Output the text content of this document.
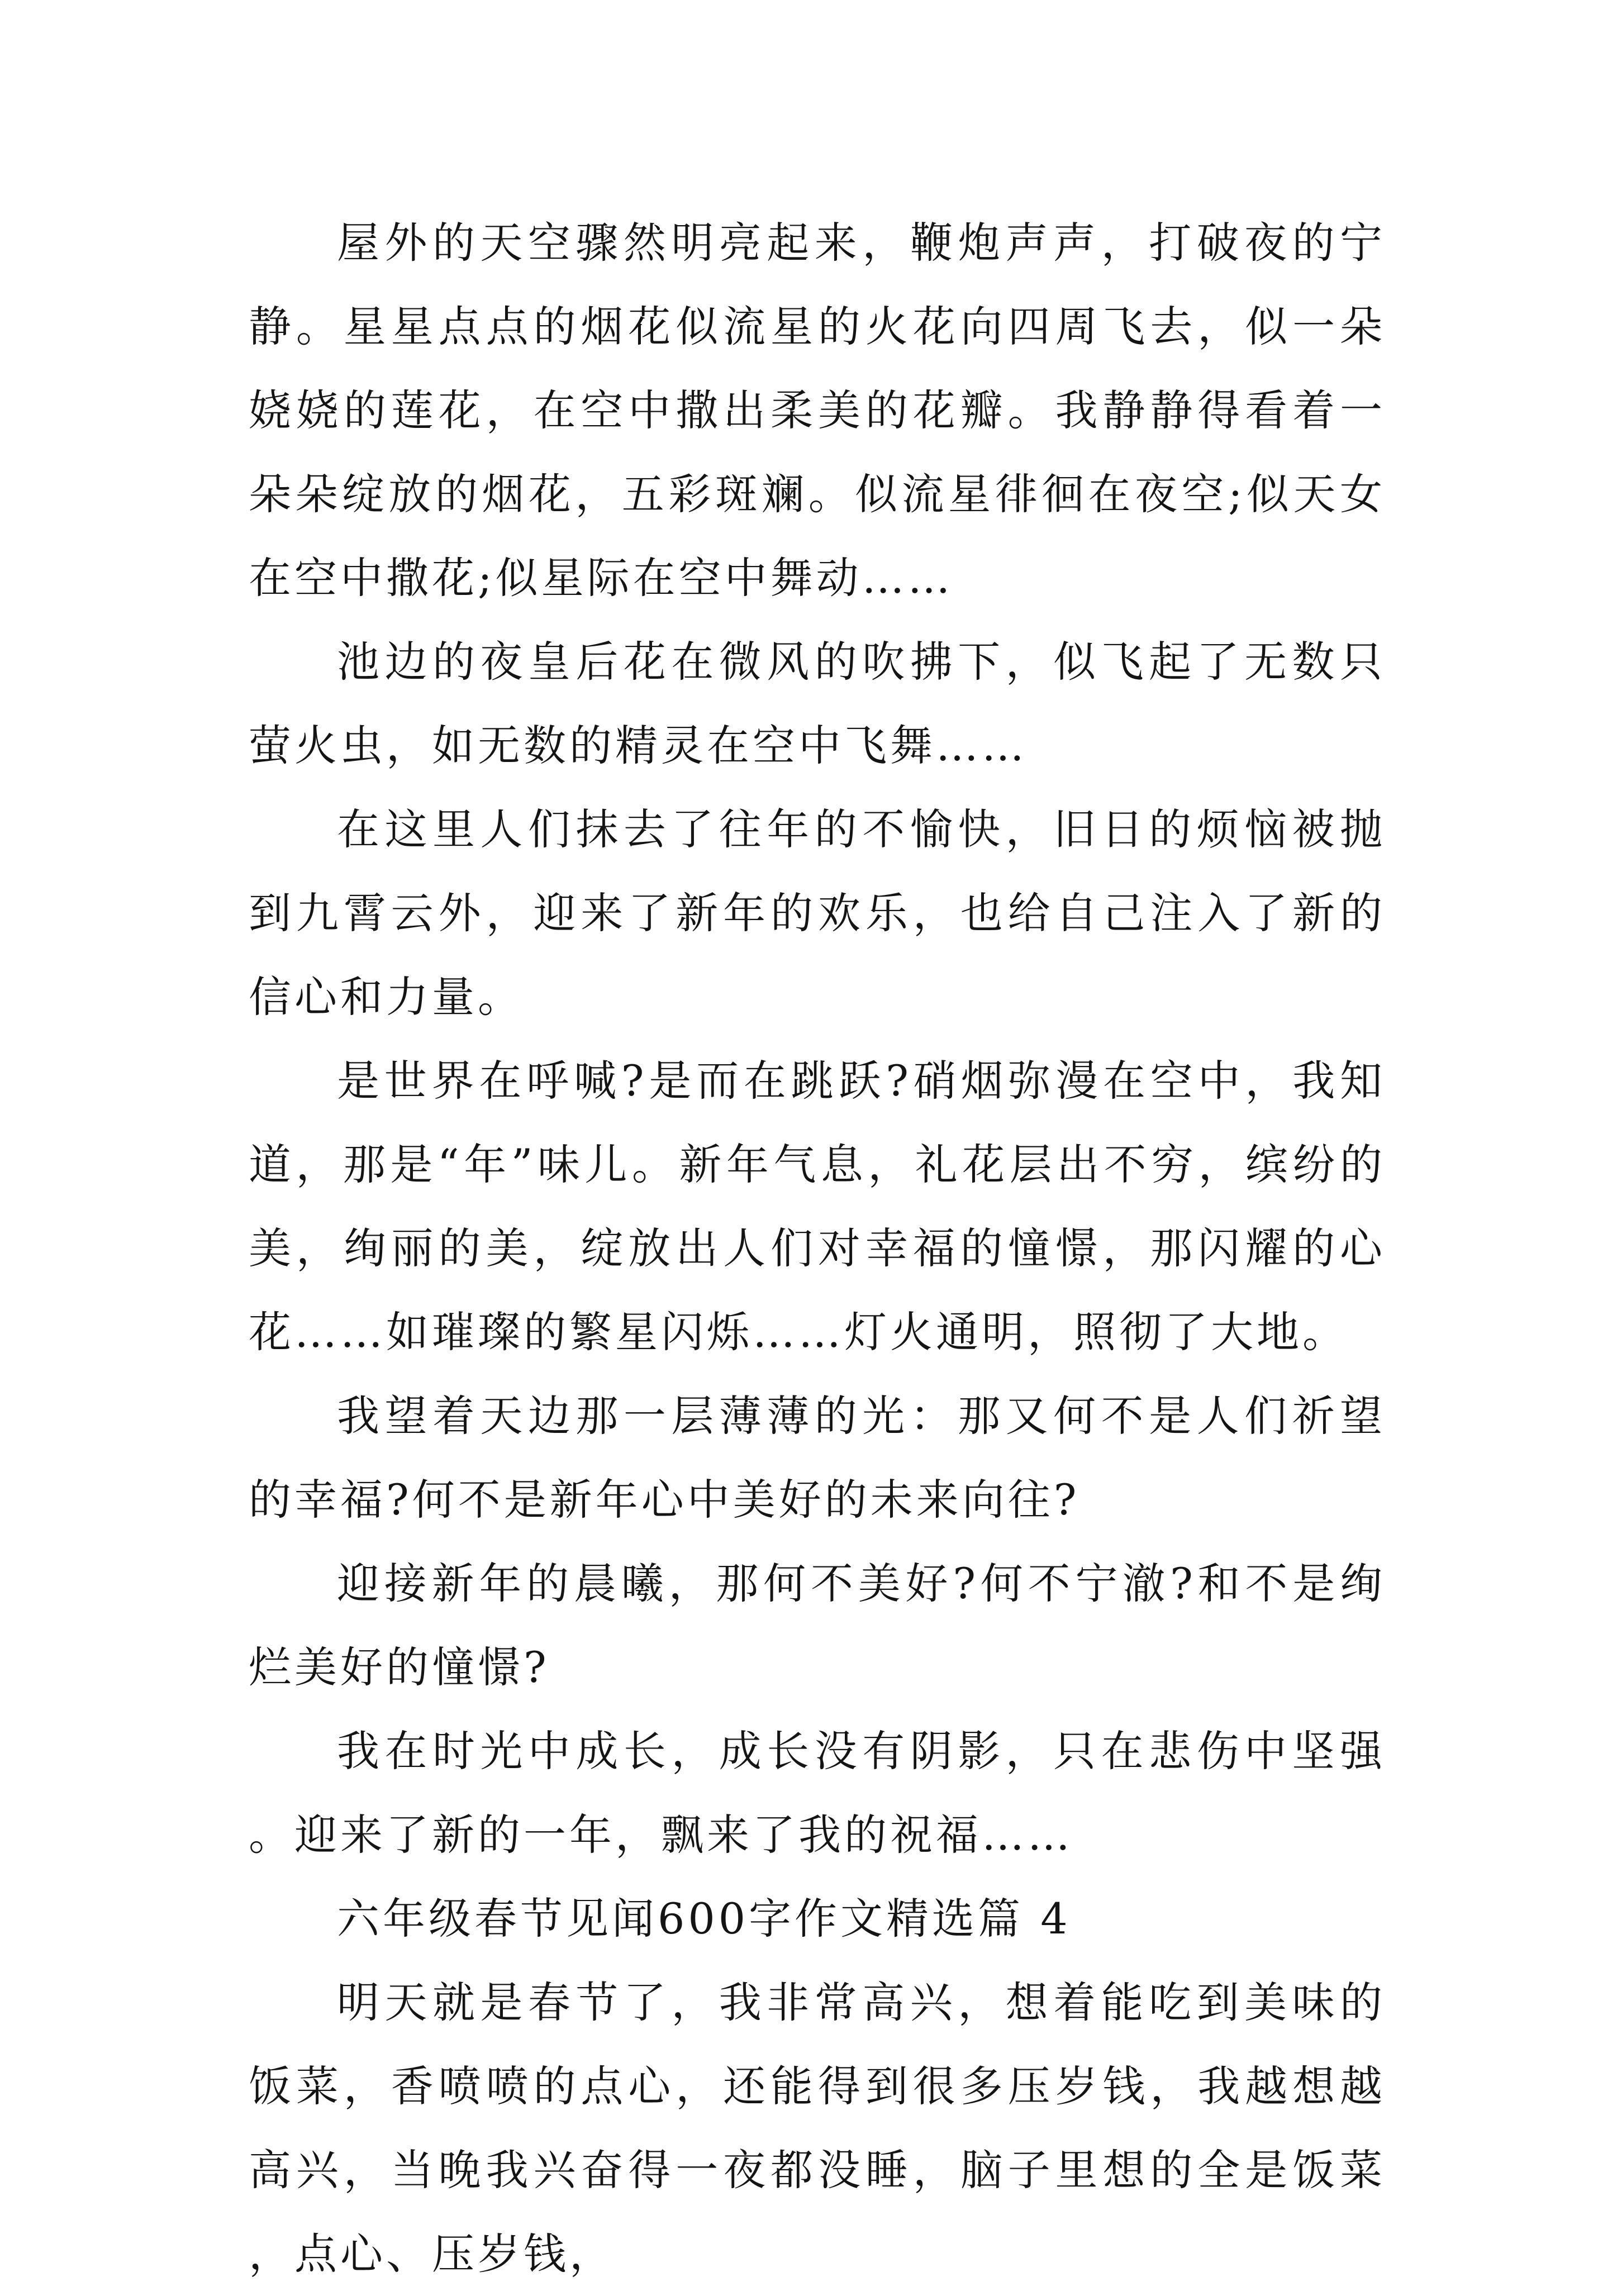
屋外的天空骤然明亮起来，鞭炮声声，打破夜的宁静。星星点点的烟花似流星的火花向四周飞去，似一朵娆娆的莲花，在空中撒出柔美的花瓣。我静静得看着一朵朵绽放的烟花，五彩斑斓。似流星徘徊在夜空;似天女在空中撒花;似星际在空中舞动……

池边的夜皇后花在微风的吹拂下，似飞起了无数只萤火虫，如无数的精灵在空中飞舞……

在这里人们抹去了往年的不愉快，旧日的烦恼被抛到九霄云外，迎来了新年的欢乐，也给自己注入了新的信心和力量。

是世界在呼喊?是而在跳跃?硝烟弥漫在空中，我知道，那是“年”味儿。新年气息，礼花层出不穷，缤纷的美，绚丽的美，绽放出人们对幸福的憧憬，那闪耀的心花……如璀璨的繁星闪烁……灯火通明，照彻了大地。

我望着天边那一层薄薄的光：那又何不是人们祈望的幸福?何不是新年心中美好的未来向往?

迎接新年的晨曦，那何不美好?何不宁澈?和不是绚烂美好的憧憬?

我在时光中成长，成长没有阴影，只在悲伤中坚强。迎来了新的一年，飘来了我的祝福……

六年级春节见闻600字作文精选篇 4

明天就是春节了，我非常高兴，想着能吃到美味的饭菜，香喷喷的点心，还能得到很多压岁钱，我越想越高兴，当晚我兴奋得一夜都没睡，脑子里想的全是饭菜，点心、压岁钱，
